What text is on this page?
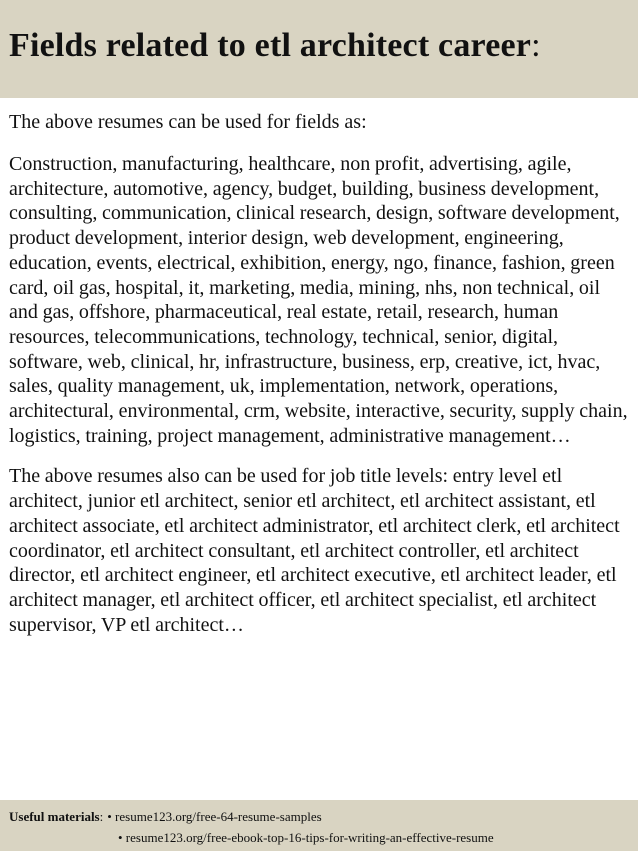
Fields related to etl architect career:

The above resumes can be used for fields as:

Construction, manufacturing, healthcare, non profit, advertising, agile, architecture, automotive, agency, budget, building, business development, consulting, communication, clinical research, design, software development, product development, interior design, web development, engineering, education, events, electrical, exhibition, energy, ngo, finance, fashion, green card, oil gas, hospital, it, marketing, media, mining, nhs, non technical, oil and gas, offshore, pharmaceutical, real estate, retail, research, human resources, telecommunications, technology, technical, senior, digital, software, web, clinical, hr, infrastructure, business, erp, creative, ict, hvac, sales, quality management, uk, implementation, network, operations, architectural, environmental, crm, website, interactive, security, supply chain, logistics, training, project management, administrative management…

The above resumes also can be used for job title levels: entry level etl architect, junior etl architect, senior etl architect, etl architect assistant, etl architect associate, etl architect administrator, etl architect clerk, etl architect coordinator, etl architect consultant, etl architect controller, etl architect director, etl architect engineer, etl architect executive, etl architect leader, etl architect manager, etl architect officer, etl architect specialist, etl architect supervisor, VP etl architect…

Useful materials : • resume123.org/free-64-resume-samples
• resume123.org/free-ebook-top-16-tips-for-writing-an-effective-resume
